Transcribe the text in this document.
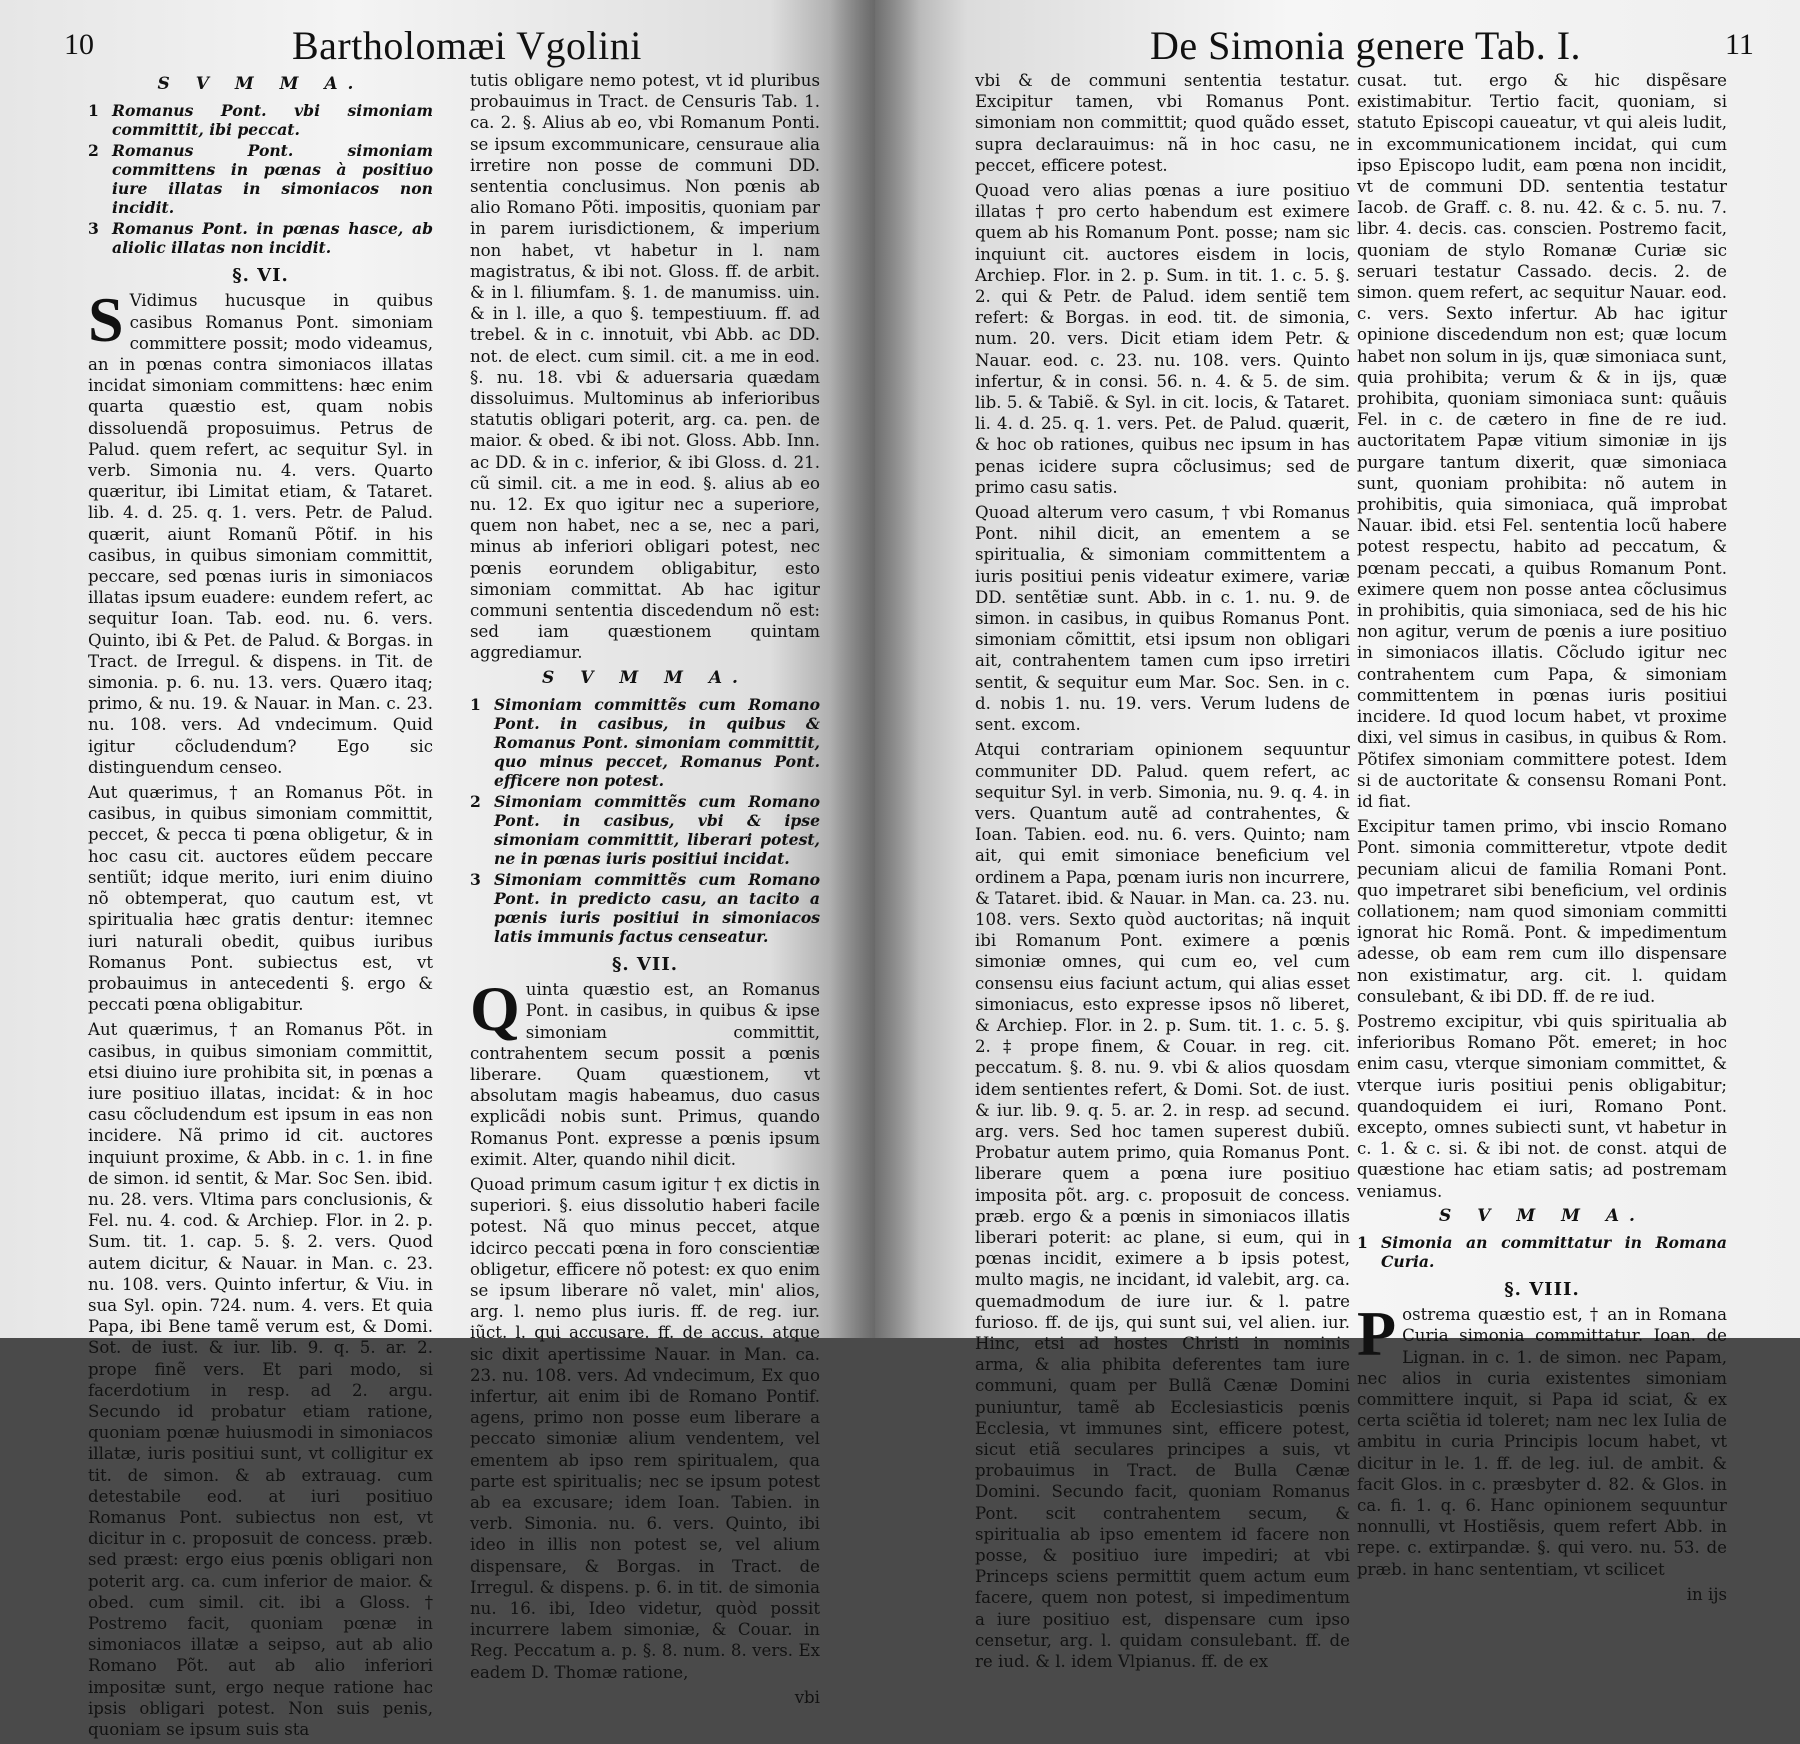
10	Bartholomæi Vgolini
S V M M A.
1 Romanus Pont. vbi simoniam committit, ibi peccat.
2 Romanus Pont. simoniam committens in pœnas à positiuo iure illatas in simoniacos non incidit.
3 Romanus Pont. in pœnas hasce, ab aliolic illatas non incidit.
§. VI.

S Vidimus hucusque in quibus casibus Romanus Pont. simoniam committere possit; modo videamus, an in pœnas contra simoniacos illatas incidat simoniam committens: hæc enim quarta quæstio est, quam nobis dissoluendã proposuimus. Petrus de Palud. quem refert, ac sequitur Syl. in verb. Simonia nu. 4. vers. Quarto quæritur, ibi Limitat etiam, & Tataret. lib. 4. d. 25. q. 1. vers. Petr. de Palud. quærit, aiunt Romanũ Põtif. in his casibus, in quibus simoniam committit, peccare, sed pœnas iuris in simoniacos illatas ipsum euadere: eundem refert, ac sequitur Ioan. Tab. eod. nu. 6. vers. Quinto, ibi & Pet. de Palud. & Borgas. in Tract. de Irregul. & dispens. in Tit. de simonia. p. 6. nu. 13. vers. Quæro itaq; primo, & nu. 19. & Nauar. in Man. c. 23. nu. 108. vers. Ad vndecimum. Quid igitur cõcludendum? Ego sic distinguendum censeo.

Aut quærimus, † an Romanus Põt. in casibus, in quibus simoniam committit, peccet, & pecca ti pœna obligetur, & in hoc casu cit. auctores eũdem peccare sentiũt; idque merito, iuri enim diuino nõ obtemperat, quo cautum est, vt spiritualia hæc gratis dentur: itemnec iuri naturali obedit, quibus iuribus Romanus Pont. subiectus est, vt probauimus in antecedenti §. ergo & peccati pœna obligabitur.

Aut quærimus, † an Romanus Põt. in casibus, in quibus simoniam committit, etsi diuino iure prohibita sit, in pœnas a iure positiuo illatas, incidat: & in hoc casu cõcludendum est ipsum in eas non incidere. Nã primo id cit. auctores inquiunt proxime, & Abb. in c. 1. in fine de simon. id sentit, & Mar. Soc Sen. ibid. nu. 28. vers. Vltima pars conclusionis, & Fel. nu. 4. cod. & Archiep. Flor. in 2. p. Sum. tit. 1. cap. 5. §. 2. vers. Quod autem dicitur, & Nauar. in Man. c. 23. nu. 108. vers. Quinto infertur, & Viu. in sua Syl. opin. 724. num. 4. vers. Et quia Papa, ibi Bene tamẽ verum est, & Domi. Sot. de iust. & iur. lib. 9. q. 5. ar. 2. prope finẽ vers. Et pari modo, si facerdotium in resp. ad 2. argu. Secundo id probatur etiam ratione, quoniam pœnæ huiusmodi in simoniacos illatæ, iuris positiui sunt, vt colligitur ex tit. de simon. & ab extrauag. cum detestabile eod. at iuri positiuo Romanus Pont. subiectus non est, vt dicitur in c. proposuit de concess. præb. sed præst: ergo eius pœnis obligari non poterit arg. ca. cum inferior de maior. & obed. cum simil. cit. ibi a Gloss. † Postremo facit, quoniam pœnæ in simoniacos illatæ a seipso, aut ab alio Romano Põt. aut ab alio inferiori impositæ sunt, ergo neque ratione hac ipsis obligari potest. Non suis penis, quoniam se ipsum suis sta

tutis obligare nemo potest, vt id pluribus probauimus in Tract. de Censuris Tab. 1. ca. 2. §. Alius ab eo, vbi Romanum Ponti. se ipsum excommunicare, censuraue alia irretire non posse de communi DD. sententia conclusimus. Non pœnis ab alio Romano Põti. impositis, quoniam par in parem iurisdictionem, & imperium non habet, vt habetur in l. nam magistratus, & ibi not. Gloss. ff. de arbit. & in l. filiumfam. §. 1. de manumiss. uin. & in l. ille, a quo §. tempestiuum. ff. ad trebel. & in c. innotuit, vbi Abb. ac DD. not. de elect. cum simil. cit. a me in eod. §. nu. 18. vbi & aduersaria quædam dissoluimus. Multominus ab inferioribus statutis obligari poterit, arg. ca. pen. de maior. & obed. & ibi not. Gloss. Abb. Inn. ac DD. & in c. inferior, & ibi Gloss. d. 21. cũ simil. cit. a me in eod. §. alius ab eo nu. 12. Ex quo igitur nec a superiore, quem non habet, nec a se, nec a pari, minus ab inferiori obligari potest, nec pœnis eorundem obligabitur, esto simoniam committat. Ab hac igitur communi sententia discedendum nõ est: sed iam quæstionem quintam aggrediamur.

S V M M A.
1 Simoniam committẽs cum Romano Pont. in casibus, in quibus & Romanus Pont. simoniam committit, quo minus peccet, Romanus Pont. efficere non potest.
2 Simoniam committẽs cum Romano Pont. in casibus, vbi & ipse simoniam committit, liberari potest, ne in pœnas iuris positiui incidat.
3 Simoniam committẽs cum Romano Pont. in predicto casu, an tacito a pœnis iuris positiui in simoniacos latis immunis factus censeatur.
§. VII.

Quinta quæstio est, an Romanus Pont. in casibus, in quibus & ipse simoniam committit, contrahentem secum possit a pœnis liberare. Quam quæstionem, vt absolutam magis habeamus, duo casus explicãdi nobis sunt. Primus, quando Romanus Pont. expresse a pœnis ipsum eximit. Alter, quando nihil dicit.

Quoad primum casum igitur † ex dictis in superiori. §. eius dissolutio haberi facile potest. Nã quo minus peccet, atque idcirco peccati pœna in foro conscientiæ obligetur, efficere nõ potest: ex quo enim se ipsum liberare nõ valet, min' alios, arg. l. nemo plus iuris. ff. de reg. iur. iũct. l. qui accusare. ff. de accus. atque sic dixit apertissime Nauar. in Man. ca. 23. nu. 108. vers. Ad vndecimum, Ex quo infertur, ait enim ibi de Romano Pontif. agens, primo non posse eum liberare a peccato simoniæ alium vendentem, vel ementem ab ipso rem spiritualem, qua parte est spiritualis; nec se ipsum potest ab ea excusare; idem Ioan. Tabien. in verb. Simonia. nu. 6. vers. Quinto, ibi ideo in illis non potest se, vel alium dispensare, & Borgas. in Tract. de Irregul. & dispens. p. 6. in tit. de simonia nu. 16. ibi, Ideo videtur, quòd possit incurrere labem simoniæ, & Couar. in Reg. Peccatum a. p. §. 8. num. 8. vers. Ex eadem D. Thomæ ratione,

vbi
De Simonia genere Tab. I.	11

vbi & de communi sententia testatur. Excipitur tamen, vbi Romanus Pont. simoniam non committit; quod quãdo esset, supra declarauimus: nã in hoc casu, ne peccet, efficere potest.

Quoad vero alias pœnas a iure positiuo illatas † pro certo habendum est eximere quem ab his Romanum Pont. posse; nam sic inquiunt cit. auctores eisdem in locis, Archiep. Flor. in 2. p. Sum. in tit. 1. c. 5. §. 2. qui & Petr. de Palud. idem sentiẽ tem refert: & Borgas. in eod. tit. de simonia, num. 20. vers. Dicit etiam idem Petr. & Nauar. eod. c. 23. nu. 108. vers. Quinto infertur, & in consi. 56. n. 4. & 5. de sim. lib. 5. & Tabiẽ. & Syl. in cit. locis, & Tataret. li. 4. d. 25. q. 1. vers. Pet. de Palud. quærit, & hoc ob rationes, quibus nec ipsum in has penas icidere supra cõclusimus; sed de primo casu satis.

Quoad alterum vero casum, † vbi Romanus Pont. nihil dicit, an ementem a se spiritualia, & simoniam committentem a iuris positiui penis videatur eximere, variæ DD. sentẽtiæ sunt. Abb. in c. 1. nu. 9. de simon. in casibus, in quibus Romanus Pont. simoniam cõmittit, etsi ipsum non obligari ait, contrahentem tamen cum ipso irretiri sentit, & sequitur eum Mar. Soc. Sen. in c. d. nobis 1. nu. 19. vers. Verum ludens de sent. excom.

Atqui contrariam opinionem sequuntur communiter DD. Palud. quem refert, ac sequitur Syl. in verb. Simonia, nu. 9. q. 4. in vers. Quantum autẽ ad contrahentes, & Ioan. Tabien. eod. nu. 6. vers. Quinto; nam ait, qui emit simoniace beneficium vel ordinem a Papa, pœnam iuris non incurrere, & Tataret. ibid. & Nauar. in Man. ca. 23. nu. 108. vers. Sexto quòd auctoritas; nã inquit ibi Romanum Pont. eximere a pœnis simoniæ omnes, qui cum eo, vel cum consensu eius faciunt actum, qui alias esset simoniacus, esto expresse ipsos nõ liberet, & Archiep. Flor. in 2. p. Sum. tit. 1. c. 5. §. 2. ‡ prope finem, & Couar. in reg. cit. peccatum. §. 8. nu. 9. vbi & alios quosdam idem sentientes refert, & Domi. Sot. de iust. & iur. lib. 9. q. 5. ar. 2. in resp. ad secund. arg. vers. Sed hoc tamen superest dubiũ. Probatur autem primo, quia Romanus Pont. liberare quem a pœna iure positiuo imposita põt. arg. c. proposuit de concess. præb. ergo & a pœnis in simoniacos illatis liberari poterit: ac plane, si eum, qui in pœnas incidit, eximere a b ipsis potest, multo magis, ne incidant, id valebit, arg. ca. quemadmodum de iure iur. & l. patre furioso. ff. de ijs, qui sunt sui, vel alien. iur. Hinc, etsi ad hostes Christi in nominis arma, & alia phibita deferentes tam iure communi, quam per Bullã Cænæ Domini puniuntur, tamẽ ab Ecclesiasticis pœnis Ecclesia, vt immunes sint, efficere potest, sicut etiã seculares principes a suis, vt probauimus in Tract. de Bulla Cænæ Domini. Secundo facit, quoniam Romanus Pont. scit contrahentem secum, & spiritualia ab ipso ementem id facere non posse, & positiuo iure impediri; at vbi Princeps sciens permittit quem actum eum facere, quem non potest, si impedimentum a iure positiuo est, dispensare cum ipso censetur, arg. l. quidam consulebant. ff. de re iud. & l. idem Vlpianus. ff. de ex

cusat. tut. ergo & hic dispẽsare existimabitur. Tertio facit, quoniam, si statuto Episcopi caueatur, vt qui aleis ludit, in excommunicationem incidat, qui cum ipso Episcopo ludit, eam pœna non incidit, vt de communi DD. sententia testatur Iacob. de Graff. c. 8. nu. 42. & c. 5. nu. 7. libr. 4. decis. cas. conscien. Postremo facit, quoniam de stylo Romanæ Curiæ sic seruari testatur Cassado. decis. 2. de simon. quem refert, ac sequitur Nauar. eod. c. vers. Sexto infertur. Ab hac igitur opinione discedendum non est; quæ locum habet non solum in ijs, quæ simoniaca sunt, quia prohibita; verum & & in ijs, quæ prohibita, quoniam simoniaca sunt: quãuis Fel. in c. de cætero in fine de re iud. auctoritatem Papæ vitium simoniæ in ijs purgare tantum dixerit, quæ simoniaca sunt, quoniam prohibita: nõ autem in prohibitis, quia simoniaca, quã improbat Nauar. ibid. etsi Fel. sententia locũ habere potest respectu, habito ad peccatum, & pœnam peccati, a quibus Romanum Pont. eximere quem non posse antea cõclusimus in prohibitis, quia simoniaca, sed de his hic non agitur, verum de pœnis a iure positiuo in simoniacos illatis. Cõcludo igitur nec contrahentem cum Papa, & simoniam committentem in pœnas iuris positiui incidere. Id quod locum habet, vt proxime dixi, vel simus in casibus, in quibus & Rom. Põtifex simoniam committere potest. Idem si de auctoritate & consensu Romani Pont. id fiat.

Excipitur tamen primo, vbi inscio Romano Pont. simonia committeretur, vtpote dedit pecuniam alicui de familia Romani Pont. quo impetraret sibi beneficium, vel ordinis collationem; nam quod simoniam committi ignorat hic Romã. Pont. & impedimentum adesse, ob eam rem cum illo dispensare non existimatur, arg. cit. l. quidam consulebant, & ibi DD. ff. de re iud.

Postremo excipitur, vbi quis spiritualia ab inferioribus Romano Põt. emeret; in hoc enim casu, vterque simoniam committet, & vterque iuris positiui penis obligabitur; quandoquidem ei iuri, Romano Pont. excepto, omnes subiecti sunt, vt habetur in c. 1. & c. si. & ibi not. de const. atqui de quæstione hac etiam satis; ad postremam veniamus.

S V M M A.
1 Simonia an committatur in Romana Curia.
§. VIII.

Postrema quæstio est, † an in Romana Curia simonia committatur. Ioan. de Lignan. in c. 1. de simon. nec Papam, nec alios in curia existentes simoniam committere inquit, si Papa id sciat, & ex certa sciẽtia id toleret; nam nec lex Iulia de ambitu in curia Principis locum habet, vt dicitur in le. 1. ff. de leg. iul. de ambit. & facit Glos. in c. præsbyter d. 82. & Glos. in ca. fi. 1. q. 6. Hanc opinionem sequuntur nonnulli, vt Hostiẽsis, quem refert Abb. in repe. c. extirpandæ. §. qui vero. nu. 53. de præb. in hanc sententiam, vt scilicet

in ijs
